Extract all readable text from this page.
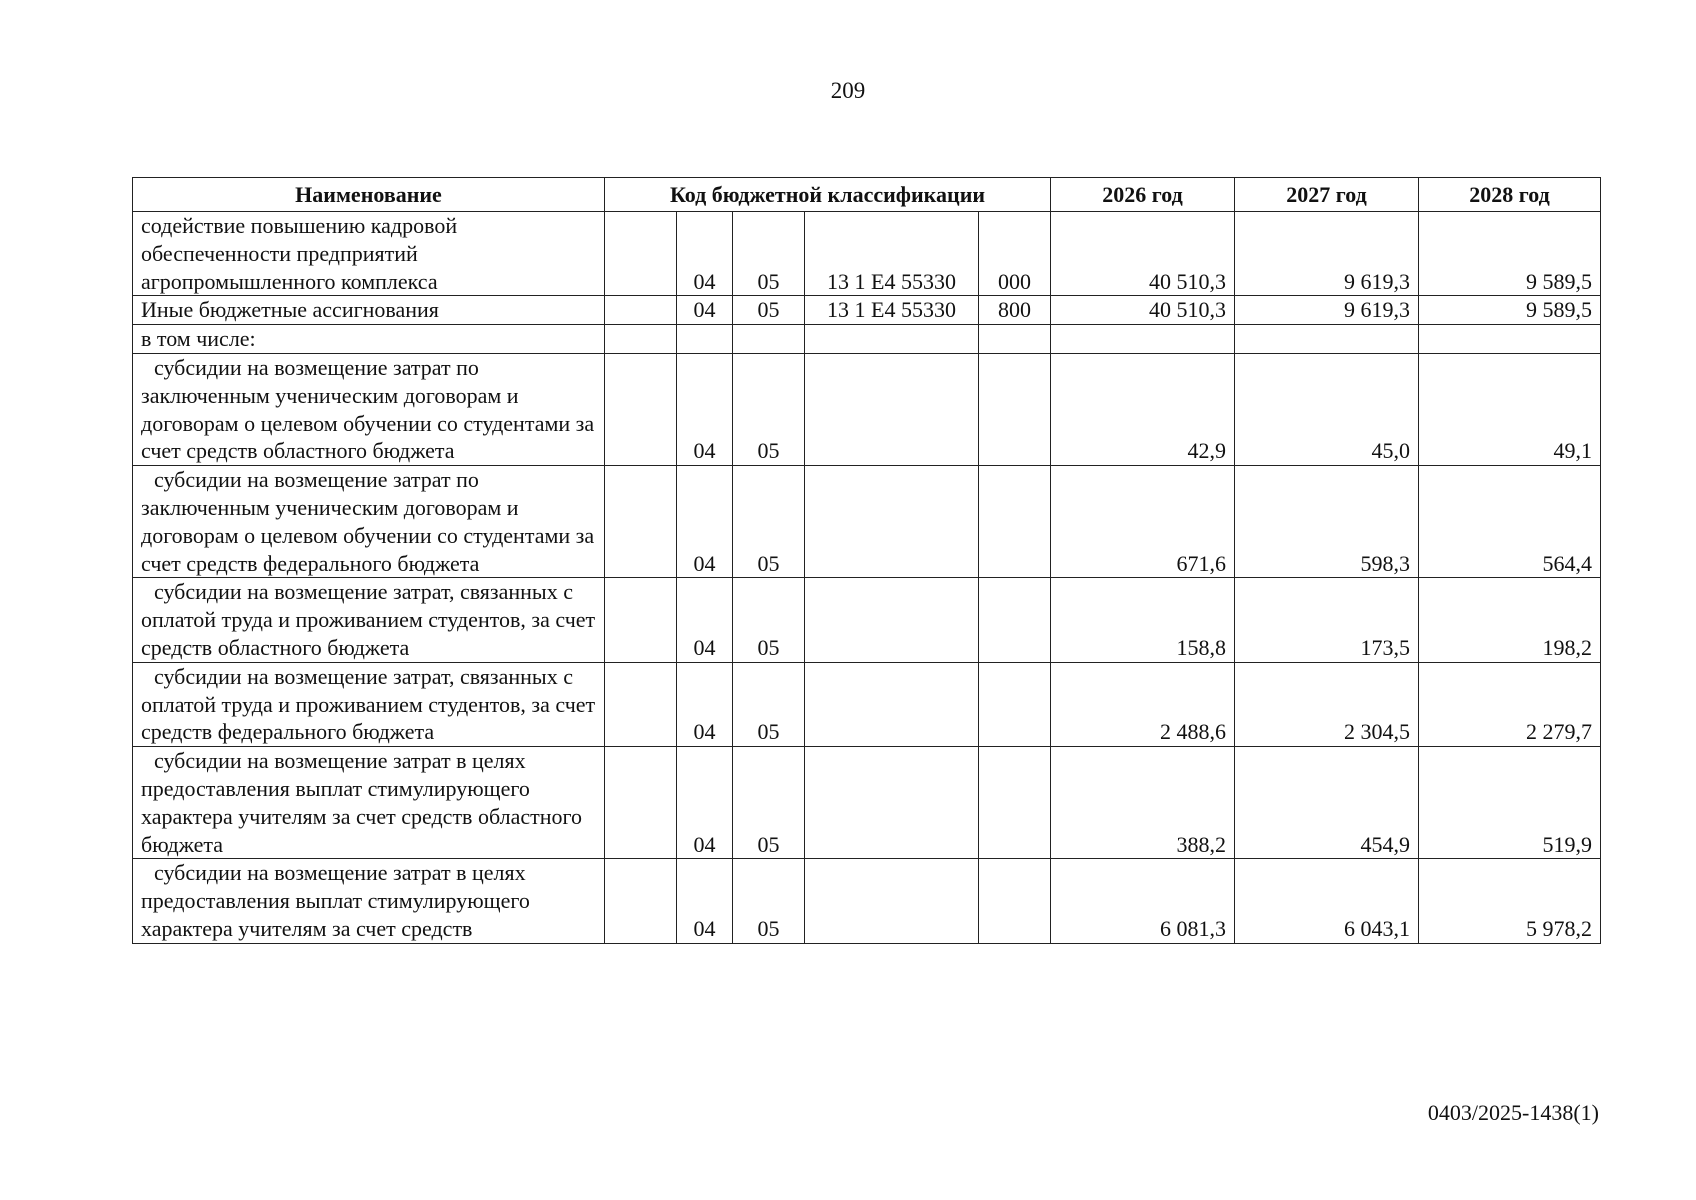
209
Наименование	Код бюджетной классификации					2026 год	2027 год	2028 год
содействие повышению кадровой обеспеченности предприятий агропромышленного комплекса		04	05	13 1 Е4 55330	000	40 510,3	9 619,3	9 589,5
Иные бюджетные ассигнования		04	05	13 1 Е4 55330	800	40 510,3	9 619,3	9 589,5
в том числе:								
субсидии на возмещение затрат по заключенным ученическим договорам и договорам о целевом обучении со студентами за счет средств областного бюджета		04	05			42,9	45,0	49,1
субсидии на возмещение затрат по заключенным ученическим договорам и договорам о целевом обучении со студентами за счет средств федерального бюджета		04	05			671,6	598,3	564,4
субсидии на возмещение затрат, связанных с оплатой труда и проживанием студентов, за счет средств областного бюджета		04	05			158,8	173,5	198,2
субсидии на возмещение затрат, связанных с оплатой труда и проживанием студентов, за счет средств федерального бюджета		04	05			2 488,6	2 304,5	2 279,7
субсидии на возмещение затрат в целях предоставления выплат стимулирующего характера учителям за счет средств областного бюджета		04	05			388,2	454,9	519,9
субсидии на возмещение затрат в целях предоставления выплат стимулирующего характера учителям за счет средств		04	05			6 081,3	6 043,1	5 978,2
0403/2025-1438(1)
